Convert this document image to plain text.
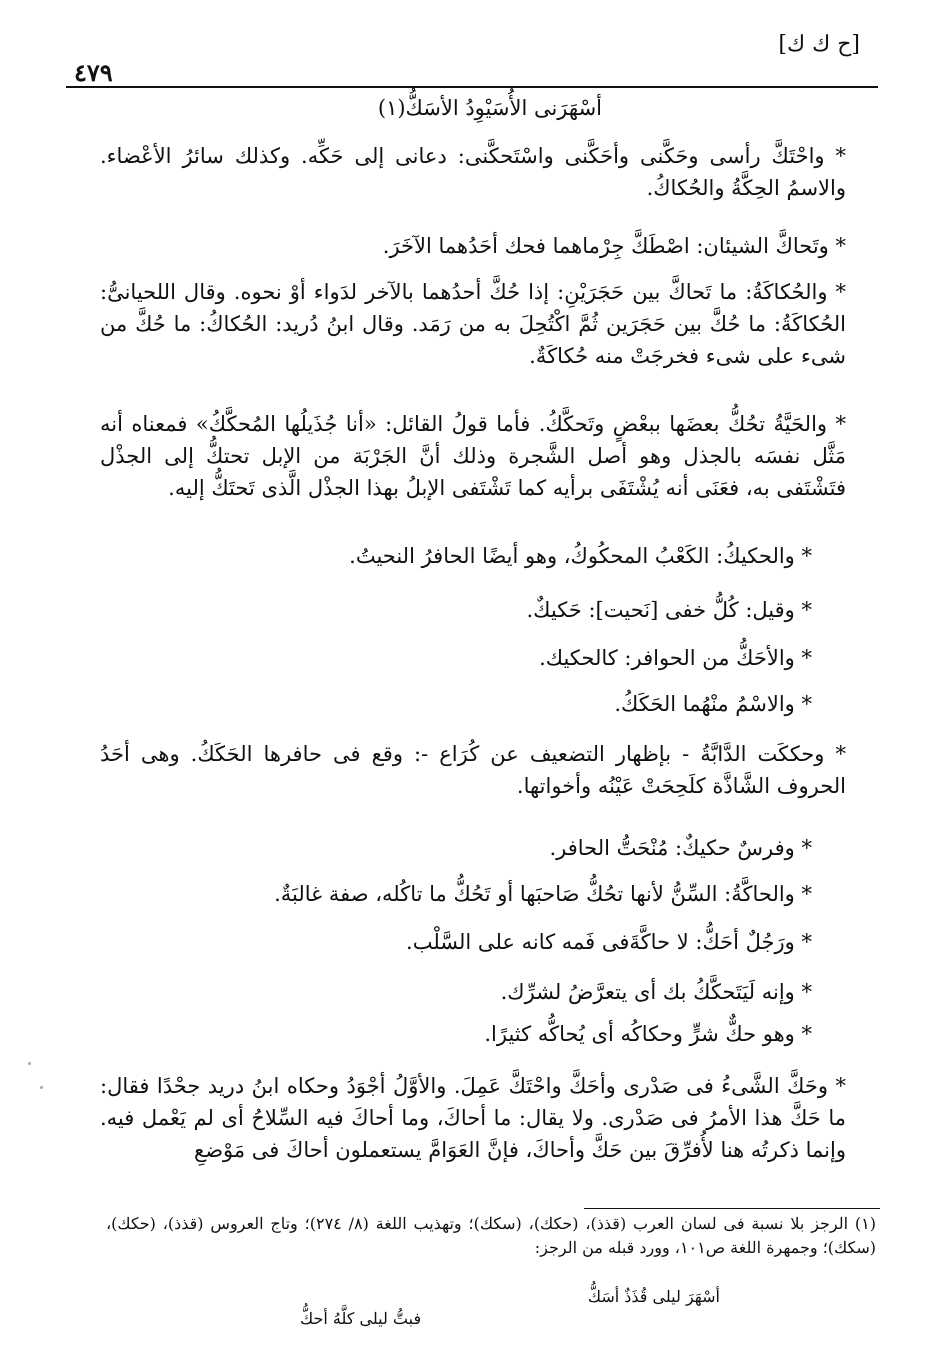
[ح ك ك]
٤٧٩
أسْهَرَنى الأُسَيْوِدُ الأسَكُّ(١)
* واحْتَكَّ رأسى وحَكَّنى وأحَكَّنى واسْتَحكَّنى: دعانى إلى حَكِّه. وكذلك سائرُ الأعْضاء. والاسمُ الحِكَّةُ والحُكاكُ.
* وتَحاكَّ الشيئان: اصْطَكَّ جِرْماهما فحك أحَدُهما الآخَرَ.
* والحُكاكَةُ: ما تَحاكَّ بين حَجَرَيْنِ: إذا حُكَّ أحدُهما بالآخر لدَواء أوْ نحوه. وقال اللحيانىُّ: الحُكاكَةُ: ما حُكَّ بين حَجَرَين ثُمَّ اكْتُحِلَ به من رَمَد. وقال ابنُ دُريد: الحُكاكُ: ما حُكَّ من شىء على شىء فخرجَتْ منه حُكاكَةٌ.
* والحَيَّةُ تحُكُّ بعضَها ببعْضٍ وتَحكَّكُ. فأما قولُ القائل: «أنا جُذَيلُها المُحكَّكُ» فمعناه أنه مَثَّل نفسَه بالجذل وهو أصل الشَّجرة وذلك أنَّ الجَرْبَة من الإبل تحتكُّ إلى الجذْل فتَشْتَفى به، فعَنَى أنه يُشْتَفَى برأيه كما تَشْتَفى الإبلُ بهذا الجذْل الَّذى تَحتَكُّ إليه.
* والحكيكُ: الكَعْبُ المحكُوكُ، وهو أيضًا الحافرُ النحيتُ.
* وقيل: كُلُّ خفى [نَحيت]: حَكيكٌ.
* والأحَكُّ من الحوافر: كالحكيك.
* والاسْمُ منْهُما الحَكَكُ.
* وحككَت الدَّابَّةُ - بإظهار التضعيف عن كُرَاع -: وقع فى حافرها الحَكَكُ. وهى أحَدُ الحروف الشَّاذَّة كلَحِحَتْ عَيْنُه وأخواتها.
* وفرسٌ حكيكٌ: مُنْحَتُّ الحافر.
* والحاكَّةُ: السِّنُّ لأنها تحُكُّ صَاحبَها أو تَحُكُّ ما تاكُله، صفة غالبَةٌ.
* ورَجُلٌ أحَكُّ: لا حاكَّةَفى فَمه كانه على السَّلْب.
* وإنه لَيَتَحكَّكُ بك أى يتعرَّضُ لشرِّك.
* وهو حكٌّ شرٍّ وحكاكُه أى يُحاكُّه كثيرًا.
* وحَكَّ الشَّىءُ فى صَدْرى وأحَكَّ واحْتَكَّ عَمِلَ. والأوَّلُ أجْوَدُ وحكاه ابنُ دريد جحْدًا فقال: ما حَكَّ هذا الأمرُ فى صَدْرى. ولا يقال: ما أحاكَ، وما أحاكَ فيه السِّلاحُ أى لم يَعْمل فيه. وإنما ذكرتُه هنا لأُفرِّقَ بين حَكَّ وأحاكَ، فإنَّ العَوَامَّ يستعملون أحاكَ فى مَوْضعِ
(١) الرجز بلا نسبة فى لسان العرب (قذذ)، (حكك)، (سكك)؛ وتهذيب اللغة (٨/ ٢٧٤)؛ وتاج العروس (قذذ)، (حكك)، (سكك)؛ وجمهرة اللغة ص١٠١، وورد قبله من الرجز:
أسْهَرَ ليلى قُذَذٌ أسَكُّ
فبتُّ ليلى كلَّهُ أحكُّ
